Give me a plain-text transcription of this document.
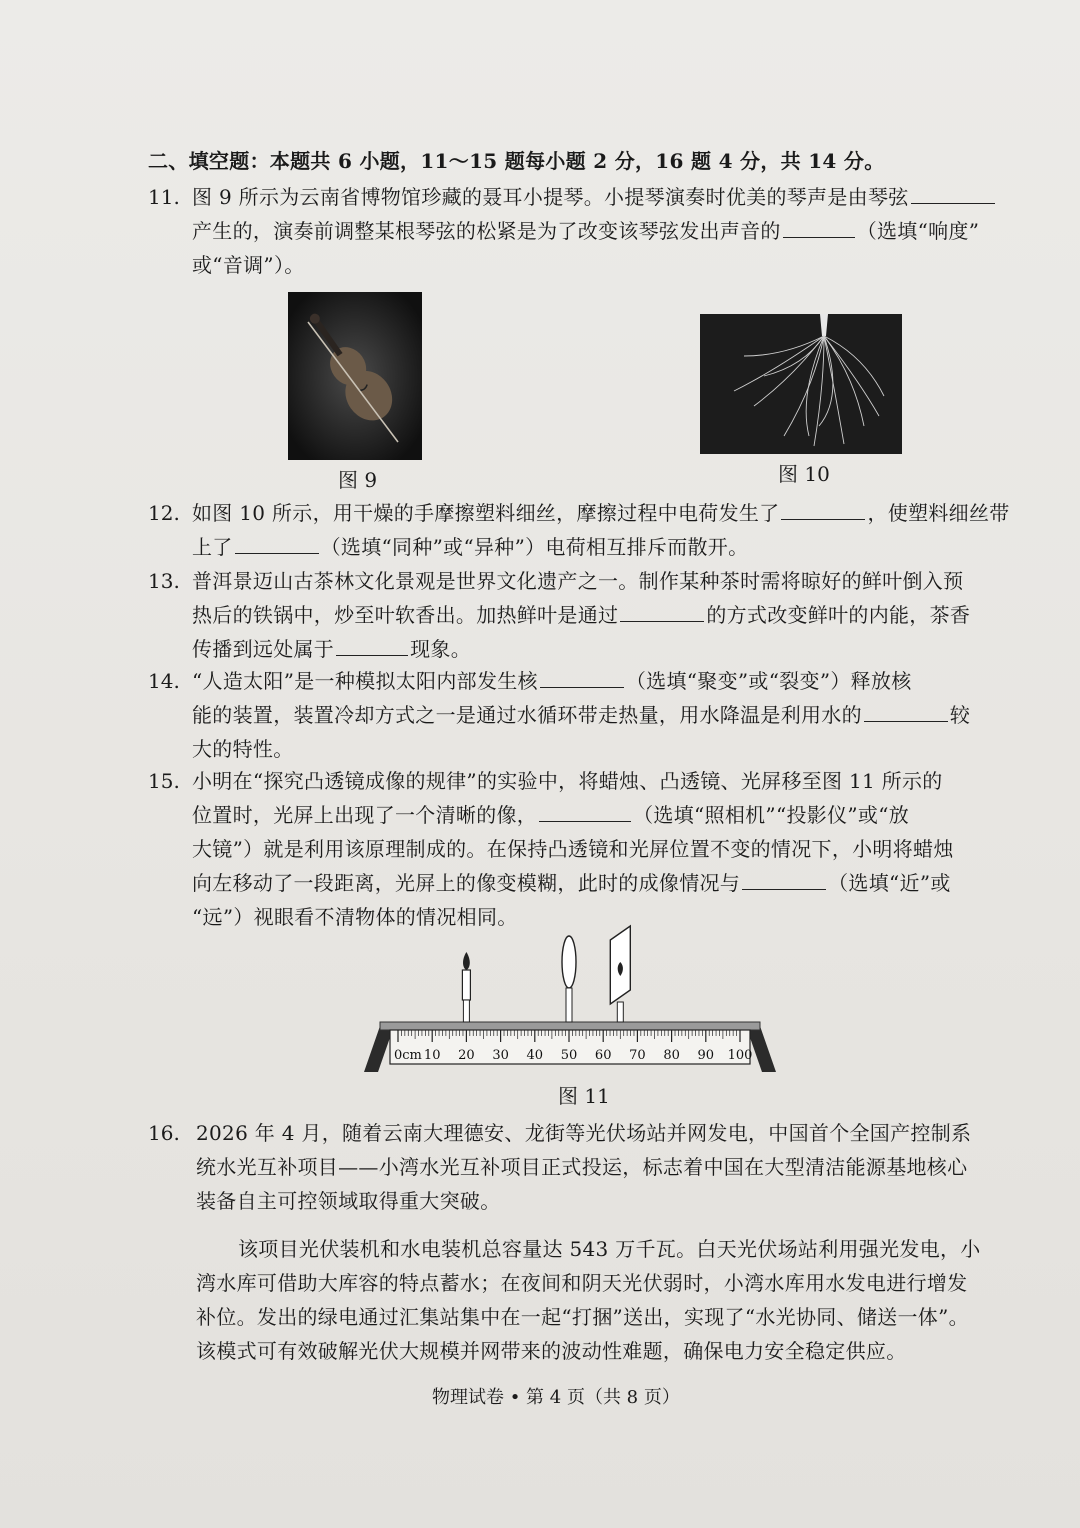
二、填空题：本题共 6 小题，11～15 题每小题 2 分，16 题 4 分，共 14 分。
11. 图 9 所示为云南省博物馆珍藏的聂耳小提琴。小提琴演奏时优美的琴声是由琴弦
产生的，演奏前调整某根琴弦的松紧是为了改变该琴弦发出声音的	（选填“响度”
或“音调”）。
图 9	图 10
12. 如图 10 所示，用干燥的手摩擦塑料细丝，摩擦过程中电荷发生了	，使塑料细丝带
上了	（选填“同种”或“异种”）电荷相互排斥而散开。
13. 普洱景迈山古茶林文化景观是世界文化遗产之一。制作某种茶时需将晾好的鲜叶倒入预
热后的铁锅中，炒至叶软香出。加热鲜叶是通过	的方式改变鲜叶的内能，茶香
传播到远处属于	现象。
14. “人造太阳”是一种模拟太阳内部发生核	（选填“聚变”或“裂变”）释放核
能的装置，装置冷却方式之一是通过水循环带走热量，用水降温是利用水的	较
大的特性。
15. 小明在“探究凸透镜成像的规律”的实验中，将蜡烛、凸透镜、光屏移至图 11 所示的
位置时，光屏上出现了一个清晰的像，	（选填“照相机”“投影仪”或“放
大镜”）就是利用该原理制成的。在保持凸透镜和光屏位置不变的情况下，小明将蜡烛
向左移动了一段距离，光屏上的像变模糊，此时的成像情况与	（选填“近”或
“远”）视眼看不清物体的情况相同。
0cm 10 20 30 40 50 60 70 80 90 100
图 11
16. 2026 年 4 月，随着云南大理德安、龙街等光伏场站并网发电，中国首个全国产控制系
统水光互补项目——小湾水光互补项目正式投运，标志着中国在大型清洁能源基地核心
装备自主可控领域取得重大突破。
该项目光伏装机和水电装机总容量达 543 万千瓦。白天光伏场站利用强光发电，小
湾水库可借助大库容的特点蓄水；在夜间和阴天光伏弱时，小湾水库用水发电进行增发
补位。发出的绿电通过汇集站集中在一起“打捆”送出，实现了“水光协同、储送一体”。
该模式可有效破解光伏大规模并网带来的波动性难题，确保电力安全稳定供应。
物理试卷 • 第 4 页（共 8 页）
